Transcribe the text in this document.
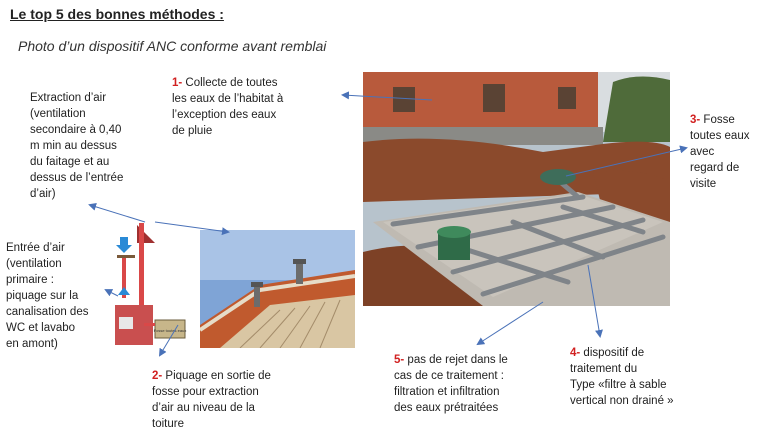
Le top 5 des bonnes méthodes :
Photo d’un dispositif ANC conforme avant remblai
Extraction d’air
(ventilation
secondaire à 0,40
m min au dessus
du faitage et au
dessus de l’entrée
d’air)
Entrée d’air
(ventilation
primaire :
piquage sur la
canalisation des
WC et lavabo
en amont)
1- Collecte de toutes
les eaux de l’habitat à
l’exception des eaux
de pluie
2- Piquage en sortie de
fosse pour extraction
d’air au niveau de la
toiture
3- Fosse
toutes eaux
avec
regard de
visite
4- dispositif de
traitement du
Type «filtre à sable
vertical non drainé »
5- pas de rejet dans le
cas de ce traitement :
filtration et infiltration
des eaux prétraitées
Fosse toutes eaux
